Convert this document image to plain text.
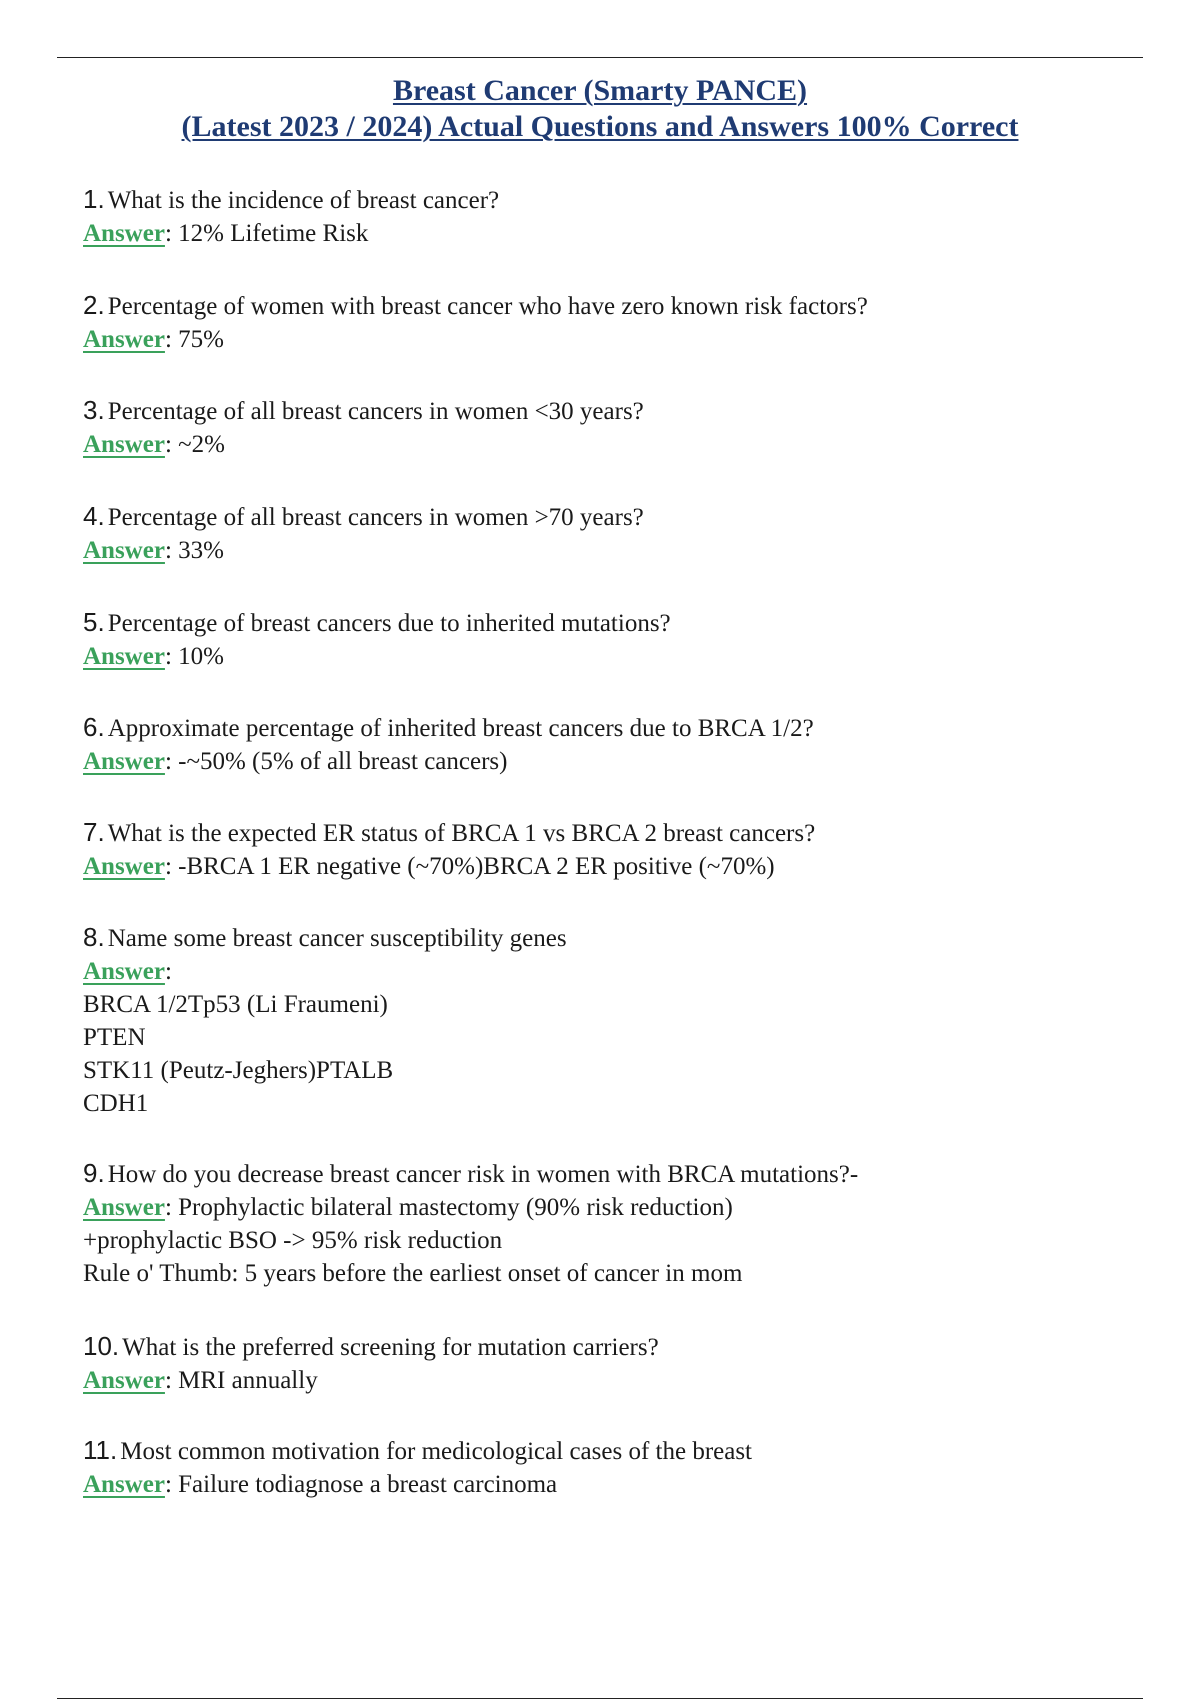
Breast Cancer (Smarty PANCE)
(Latest 2023 / 2024) Actual Questions and Answers 100% Correct
1. What is the incidence of breast cancer?
Answer: 12% Lifetime Risk
2. Percentage of women with breast cancer who have zero known risk factors?
Answer: 75%
3. Percentage of all breast cancers in women <30 years?
Answer: ~2%
4. Percentage of all breast cancers in women >70 years?
Answer: 33%
5. Percentage of breast cancers due to inherited mutations?
Answer: 10%
6. Approximate percentage of inherited breast cancers due to BRCA 1/2?
Answer: -~50% (5% of all breast cancers)
7. What is the expected ER status of BRCA 1 vs BRCA 2 breast cancers?
Answer: -BRCA 1 ER negative (~70%)BRCA 2 ER positive (~70%)
8. Name some breast cancer susceptibility genes
Answer:
BRCA 1/2Tp53 (Li Fraumeni)
PTEN
STK11 (Peutz-Jeghers)PTALB
CDH1
9. How do you decrease breast cancer risk in women with BRCA mutations?-
Answer: Prophylactic bilateral mastectomy (90% risk reduction)
+prophylactic BSO -> 95% risk reduction
Rule o' Thumb: 5 years before the earliest onset of cancer in mom
10. What is the preferred screening for mutation carriers?
Answer: MRI annually
11. Most common motivation for medicological cases of the breast
Answer: Failure todiagnose a breast carcinoma
